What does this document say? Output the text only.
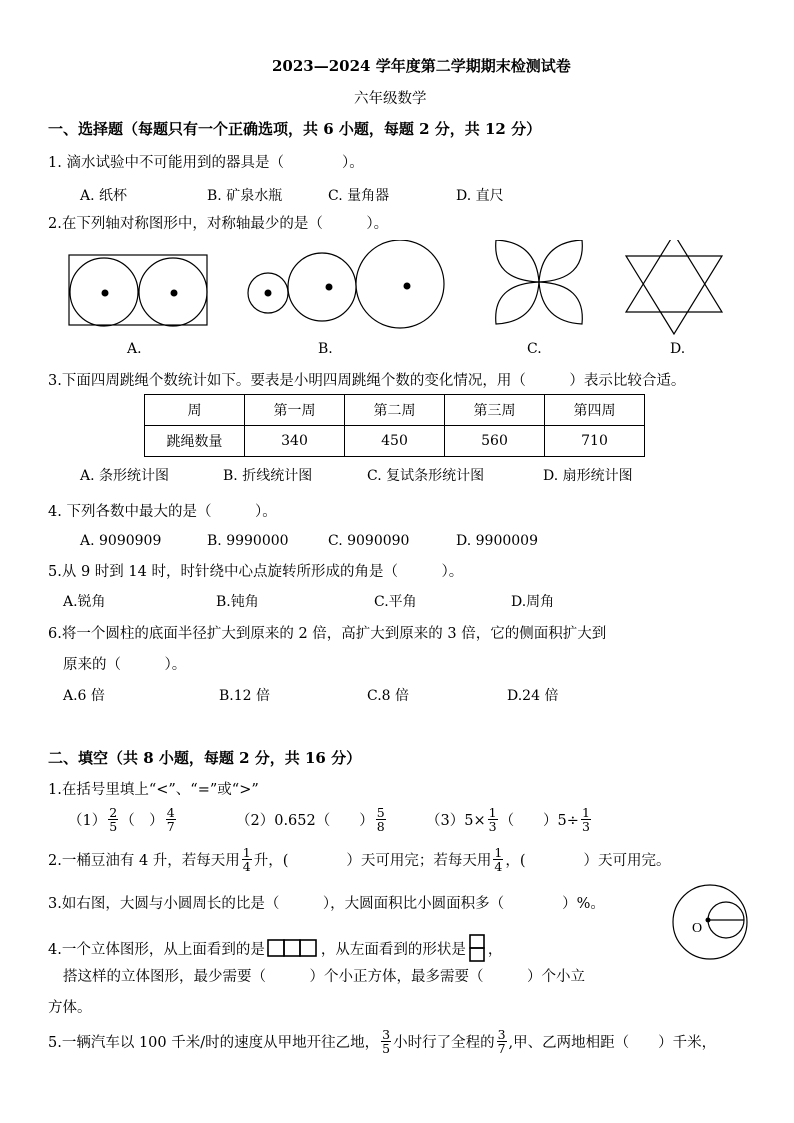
2023—2024 学年度第二学期期末检测试卷
六年级数学
一、选择题（每题只有一个正确选项，共 6 小题，每题 2 分，共 12 分）
1. 滴水试验中不可能用到的器具是（　　　　）。
A. 纸杯	B. 矿泉水瓶	C. 量角器	D. 直尺
2.在下列轴对称图形中，对称轴最少的是（　　　）。
A.	B.	C.	D.
3.下面四周跳绳个数统计如下。要表是小明四周跳绳个数的变化情况，用（　　　）表示比较合适。
周	第一周	第二周	第三周	第四周
跳绳数量	340	450	560	710
A. 条形统计图	B. 折线统计图	C. 复试条形统计图	D. 扇形统计图
4. 下列各数中最大的是（　　　）。
A. 9090909	B. 9990000	C. 9090090	D. 9900009
5.从 9 时到 14 时，时针绕中心点旋转所形成的角是（　　　）。
A.锐角	B.钝角	C.平角	D.周角
6.将一个圆柱的底面半径扩大到原来的 2 倍，高扩大到原来的 3 倍，它的侧面积扩大到
原来的（　　　）。
A.6 倍	B.12 倍	C.8 倍	D.24 倍
二、填空（共 8 小题，每题 2 分，共 16 分）
1.在括号里填上“<”、“=”或“>”
$(1) \frac{2}{5}$ （　） $\frac{4}{7}$	（2）0.652（　　） $\frac{5}{8}$	$(3)5\times \frac{1}{3}$ （　　）$5\div \frac{1}{3}$
2.一桶豆油有 4 升，若每天用 $\frac{1}{4}$ 升，(　　　　）天可用完；若每天用 $\frac{1}{4}$ ，(　　　　）天可用完。
3.如右图，大圆与小圆周长的比是（　　　），大圆面积比小圆面积多（　　　　）%。
O
4.一个立体图形，从上面看到的是	，从左面看到的形状是 ，
搭这样的立体图形，最少需要（　　　）个小正方体，最多需要（　　　）个小立
方体。
5.一辆汽车以 100 千米/时的速度从甲地开往乙地， $\frac{3}{5}$ 小时行了全程的 $\frac{3}{7}$ ,甲、乙两地相距（　　）千米，
